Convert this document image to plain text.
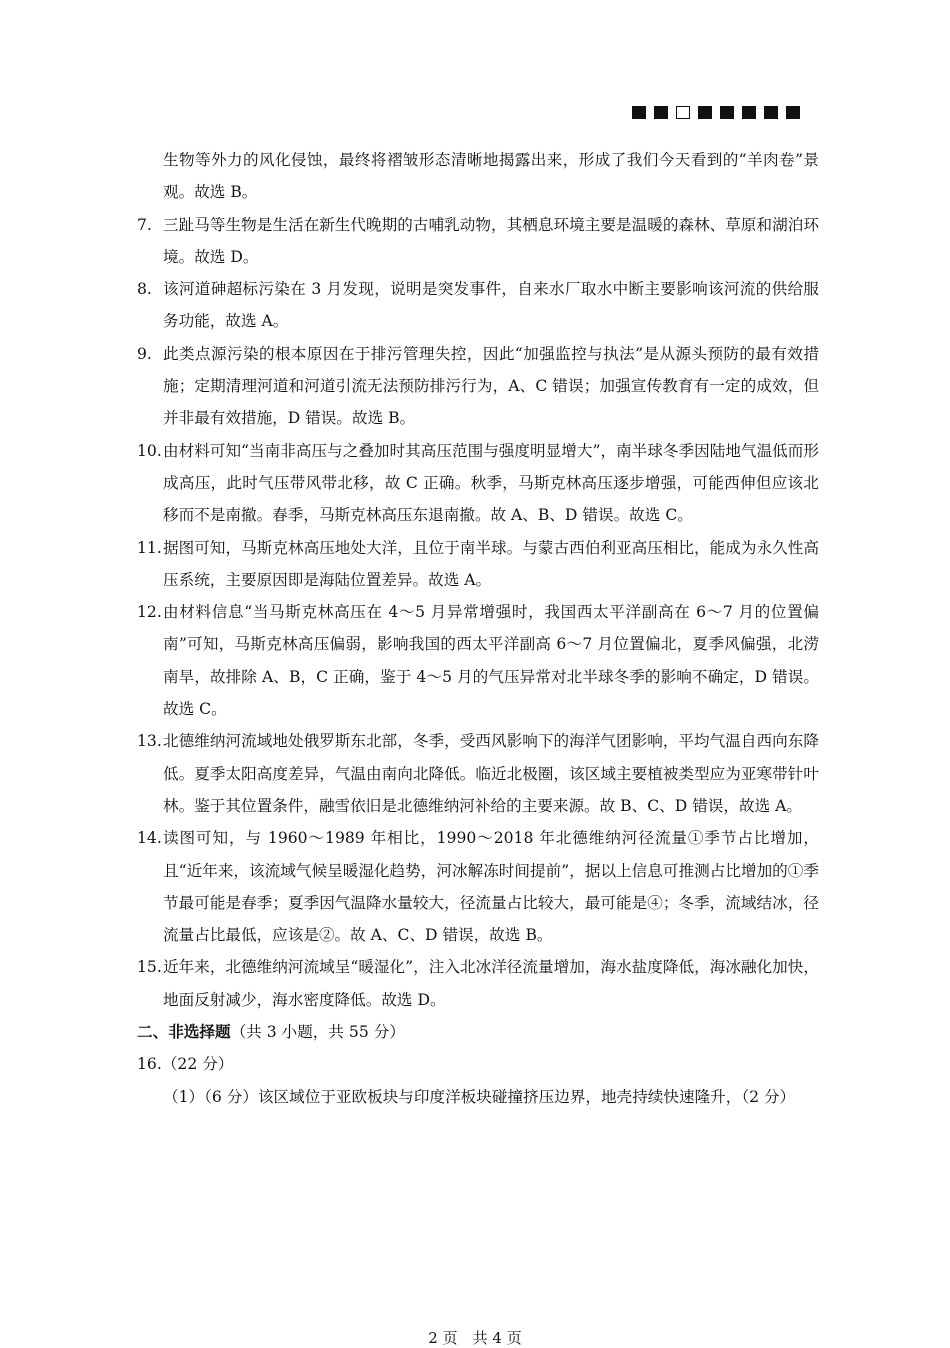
生物等外力的风化侵蚀，最终将褶皱形态清晰地揭露出来，形成了我们今天看到的“羊肉卷”景观。故选 B。
7. 三趾马等生物是生活在新生代晚期的古哺乳动物，其栖息环境主要是温暖的森林、草原和湖泊环境。故选 D。
8. 该河道砷超标污染在 3 月发现，说明是突发事件，自来水厂取水中断主要影响该河流的供给服务功能，故选 A。
9. 此类点源污染的根本原因在于排污管理失控，因此“加强监控与执法”是从源头预防的最有效措施；定期清理河道和河道引流无法预防排污行为，A、C 错误；加强宣传教育有一定的成效，但并非最有效措施，D 错误。故选 B。
10. 由材料可知“当南非高压与之叠加时其高压范围与强度明显增大”，南半球冬季因陆地气温低而形成高压，此时气压带风带北移，故 C 正确。秋季，马斯克林高压逐步增强，可能西伸但应该北移而不是南撤。春季，马斯克林高压东退南撤。故 A、B、D 错误。故选 C。
11. 据图可知，马斯克林高压地处大洋，且位于南半球。与蒙古西伯利亚高压相比，能成为永久性高压系统，主要原因即是海陆位置差异。故选 A。
12. 由材料信息“当马斯克林高压在 4～5 月异常增强时，我国西太平洋副高在 6～7 月的位置偏南”可知，马斯克林高压偏弱，影响我国的西太平洋副高 6～7 月位置偏北，夏季风偏强，北涝南旱，故排除 A、B，C 正确，鉴于 4～5 月的气压异常对北半球冬季的影响不确定，D 错误。故选 C。
13. 北德维纳河流域地处俄罗斯东北部，冬季，受西风影响下的海洋气团影响，平均气温自西向东降低。夏季太阳高度差异，气温由南向北降低。临近北极圈，该区域主要植被类型应为亚寒带针叶林。鉴于其位置条件，融雪依旧是北德维纳河补给的主要来源。故 B、C、D 错误，故选 A。
14. 读图可知，与 1960～1989 年相比，1990～2018 年北德维纳河径流量①季节占比增加，且“近年来，该流域气候呈暖湿化趋势，河冰解冻时间提前”，据以上信息可推测占比增加的①季节最可能是春季；夏季因气温降水量较大，径流量占比较大，最可能是④；冬季，流域结冰，径流量占比最低，应该是②。故 A、C、D 错误，故选 B。
15. 近年来，北德维纳河流域呈“暖湿化”，注入北冰洋径流量增加，海水盐度降低，海冰融化加快，地面反射减少，海水密度降低。故选 D。
二、非选择题（共 3 小题，共 55 分）
16.（22 分）
（1）（6 分）该区域位于亚欧板块与印度洋板块碰撞挤压边界，地壳持续快速隆升，（2 分）
2 页　共 4 页
